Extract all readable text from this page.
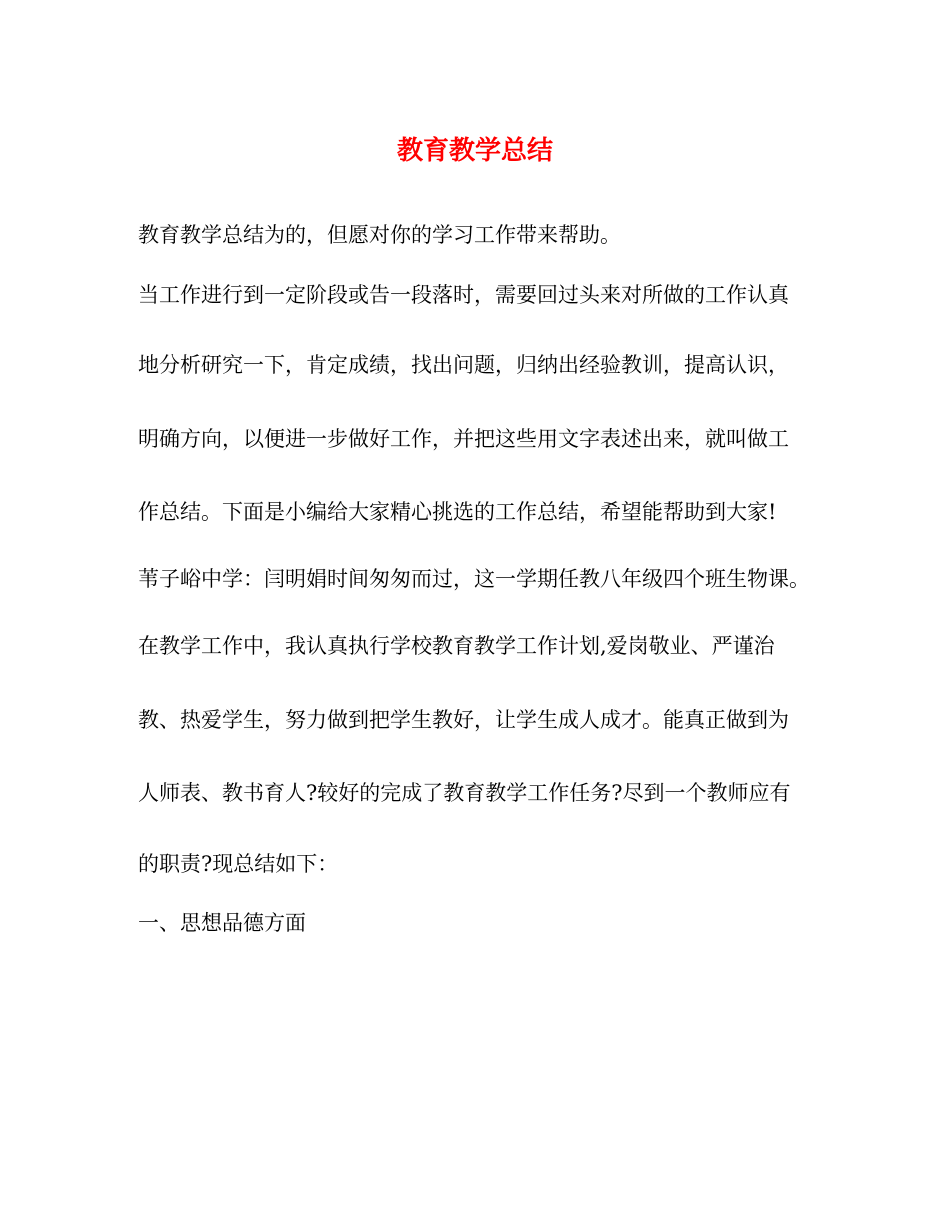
教育教学总结
教育教学总结为的，但愿对你的学习工作带来帮助。
当工作进行到一定阶段或告一段落时，需要回过头来对所做的工作认真
地分析研究一下，肯定成绩，找出问题，归纳出经验教训，提高认识，
明确方向，以便进一步做好工作，并把这些用文字表述出来，就叫做工
作总结。下面是小编给大家精心挑选的工作总结，希望能帮助到大家!
苇子峪中学：闫明娟时间匆匆而过，这一学期任教八年级四个班生物课。
在教学工作中，我认真执行学校教育教学工作计划,爱岗敬业、严谨治
教、热爱学生，努力做到把学生教好，让学生成人成才。能真正做到为
人师表、教书育人?较好的完成了教育教学工作任务?尽到一个教师应有
的职责?现总结如下：
一、思想品德方面
